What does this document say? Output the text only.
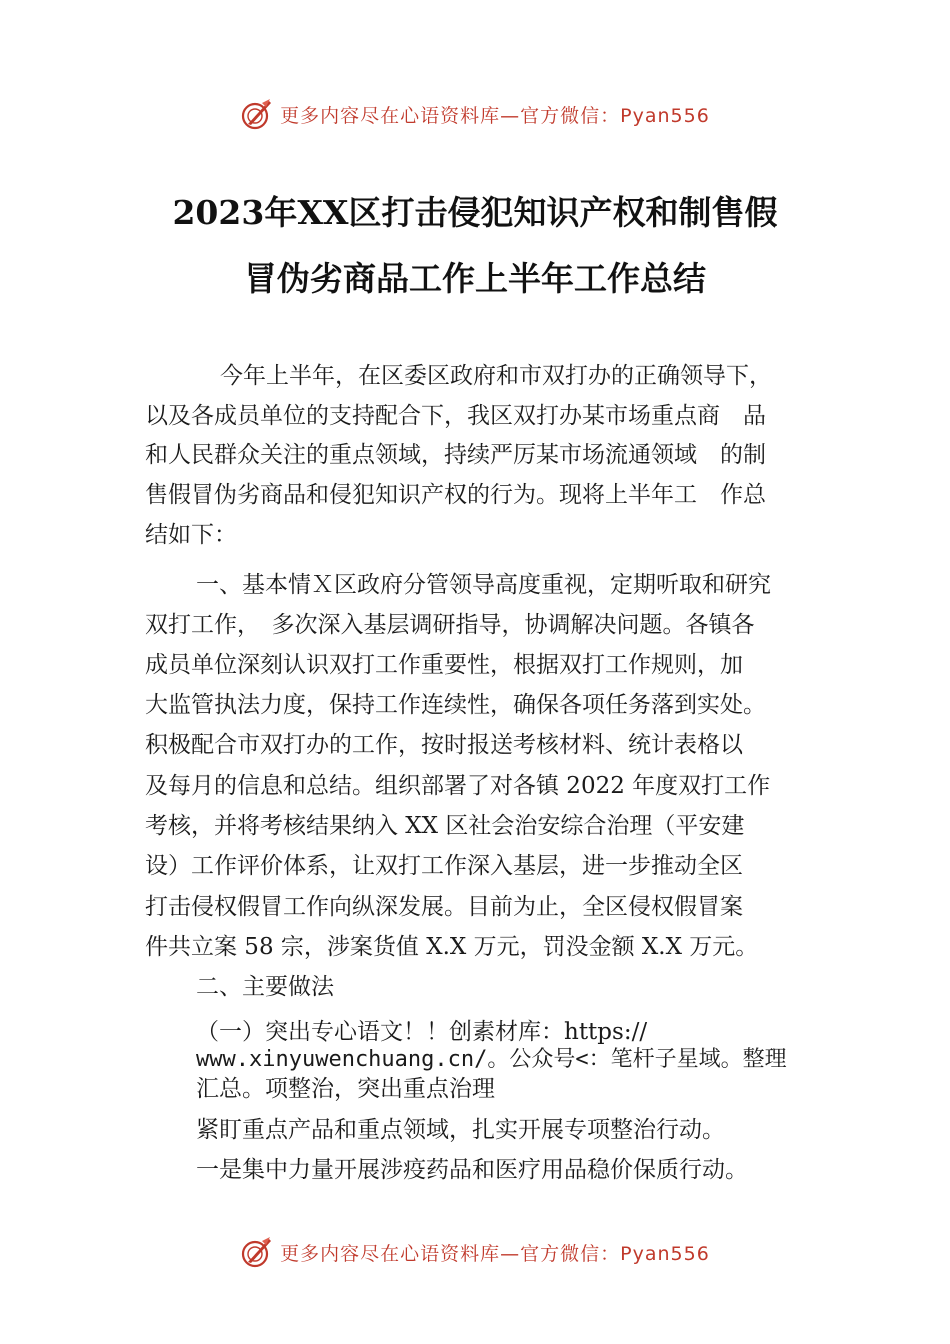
更多内容尽在心语资料库—官方微信：Pyan556
2023年XX区打击侵犯知识产权和制售假
冒伪劣商品工作上半年工作总结
今年上半年，在区委区政府和市双打办的正确领导下，
以及各成员单位的支持配合下，我区双打办某市场重点商　品
和人民群众关注的重点领域，持续严厉某市场流通领域　的制
售假冒伪劣商品和侵犯知识产权的行为。现将上半年工　作总
结如下：
一、基本情Ｘ区政府分管领导高度重视，定期听取和研究
双打工作，　多次深入基层调研指导，协调解决问题。各镇各
成员单位深刻认识双打工作重要性，根据双打工作规则，加
大监管执法力度，保持工作连续性，确保各项任务落到实处。
积极配合市双打办的工作，按时报送考核材料、统计表格以
及每月的信息和总结。组织部署了对各镇 2022 年度双打工作
考核，并将考核结果纳入 XX 区社会治安综合治理（平安建
设）工作评价体系，让双打工作深入基层，进一步推动全区
打击侵权假冒工作向纵深发展。目前为止，全区侵权假冒案
件共立案 58 宗，涉案货值 X.X 万元，罚没金额 X.X 万元。
二、主要做法
（一）突出专心语文！！创素材库：https://
www.xinyuwenchuang.cn/。公众号<：笔杆子星域。整理
汇总。项整治，突出重点治理
紧盯重点产品和重点领域，扎实开展专项整治行动。
一是集中力量开展涉疫药品和医疗用品稳价保质行动。
更多内容尽在心语资料库—官方微信：Pyan556
